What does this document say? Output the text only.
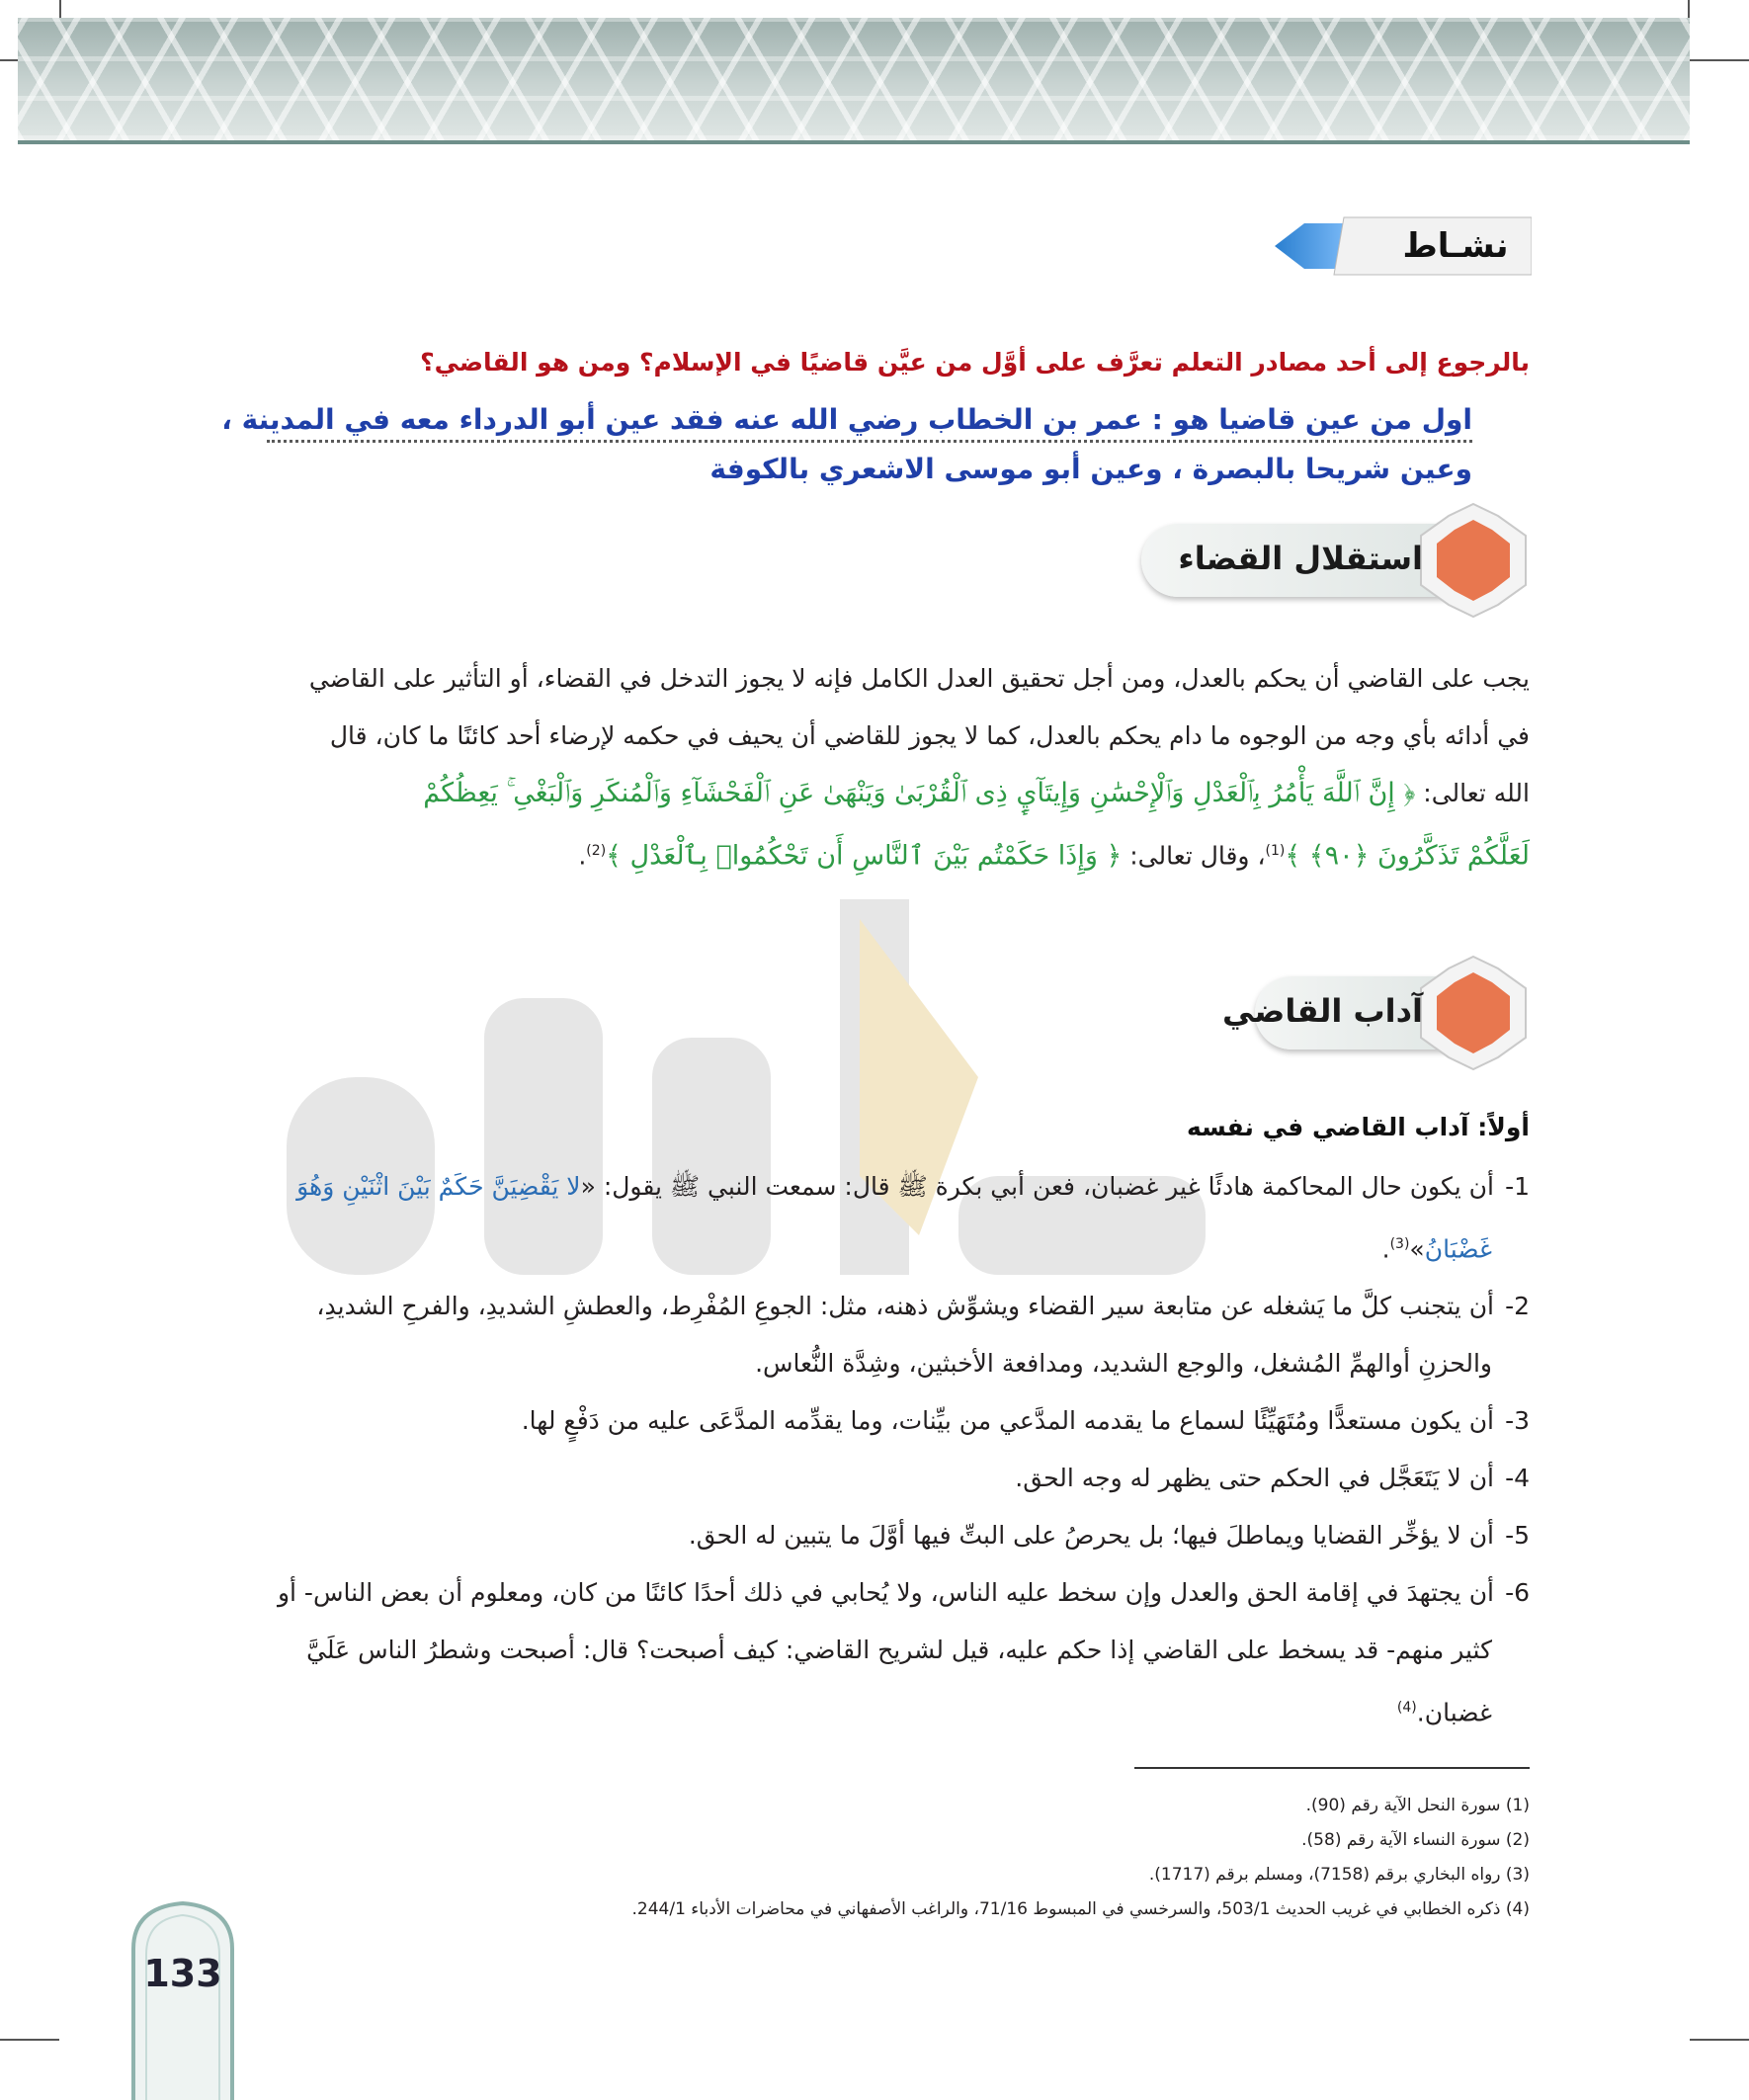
نشـاط
بالرجوع إلى أحد مصادر التعلم تعرَّف على أوَّل من عيَّن قاضيًا في الإسلام؟ ومن هو القاضي؟
اول من عين قاضيا هو : عمر بن الخطاب رضي الله عنه فقد عين أبو الدرداء معه في المدينة ،
وعين شريحا بالبصرة ، وعين أبو موسى الاشعري بالكوفة
استقلال القضاء

يجب على القاضي أن يحكم بالعدل، ومن أجل تحقيق العدل الكامل فإنه لا يجوز التدخل في القضاء، أو التأثير على القاضي

في أدائه بأي وجه من الوجوه ما دام يحكم بالعدل، كما لا يجوز للقاضي أن يحيف في حكمه لإرضاء أحد كائنًا ما كان، قال

الله تعالى: ﴿ إِنَّ ٱللَّهَ يَأْمُرُ بِٱلْعَدْلِ وَٱلْإِحْسَٰنِ وَإِيتَآيِٕ ذِى ٱلْقُرْبَىٰ وَيَنْهَىٰ عَنِ ٱلْفَحْشَآءِ وَٱلْمُنكَرِ وَٱلْبَغْىِ ۚ يَعِظُكُمْ

لَعَلَّكُمْ تَذَكَّرُونَ ﴿٩٠﴾ ﴾$^{(1)}$، وقال تعالى: ﴿ وَإِذَا حَكَمْتُم بَيْنَ ٱلنَّاسِ أَن تَحْكُمُوا۟ بِٱلْعَدْلِ ﴾$^{(2)}$.

آداب القاضي
أولاً: آداب القاضي في نفسه
1-أن يكون حال المحاكمة هادئًا غير غضبان، فعن أبي بكرة ﷺ قال: سمعت النبي ﷺ يقول: «لا يَقْضِيَنَّ حَكَمٌ بَيْنَ اثْنَيْنِ وَهُوَ
غَضْبَانُ»$^{(3)}$.
2-أن يتجنب كلَّ ما يَشغله عن متابعة سير القضاء ويشوِّش ذهنه، مثل: الجوعِ المُفْرِط، والعطشِ الشديدِ، والفرحِ الشديدِ،
والحزنِ أوالهمِّ المُشغل، والوجع الشديد، ومدافعة الأخبثين، وشِدَّة النُّعاس.
3-أن يكون مستعدًّا ومُتَهَيِّئًا لسماع ما يقدمه المدَّعي من بيِّنات، وما يقدِّمه المدَّعَى عليه من دَفْعٍ لها.
4-أن لا يَتَعَجَّل في الحكم حتى يظهر له وجه الحق.
5-أن لا يؤخِّر القضايا ويماطلَ فيها؛ بل يحرصُ على البتِّ فيها أوَّلَ ما يتبين له الحق.
6-أن يجتهدَ في إقامة الحق والعدل وإن سخط عليه الناس، ولا يُحابي في ذلك أحدًا كائنًا من كان، ومعلوم أن بعض الناس- أو
كثير منهم- قد يسخط على القاضي إذا حكم عليه، قيل لشريح القاضي: كيف أصبحت؟ قال: أصبحت وشطرُ الناس عَلَيَّ
غضبان.$^{(4)}$
(1) سورة النحل الآية رقم (90).
(2) سورة النساء الآية رقم (58).
(3) رواه البخاري برقم (7158)، ومسلم برقم (1717).
(4) ذكره الخطابي في غريب الحديث 503/1، والسرخسي في المبسوط 71/16، والراغب الأصفهاني في محاضرات الأدباء 244/1.
133
